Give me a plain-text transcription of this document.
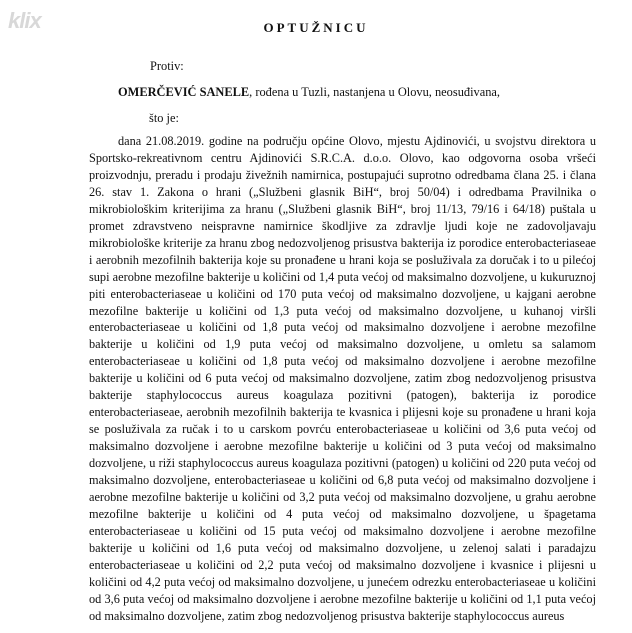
klix	OPTUŽNICU
Protiv:
OMERČEVIĆ SANELE, rođena u Tuzli, nastanjena u Olovu, neosuđivana,
što je:

dana 21.08.2019. godine na području općine Olovo, mjestu Ajdinovići, u svojstvu direktora u Sportsko-rekreativnom centru Ajdinovići S.R.C.A. d.o.o. Olovo, kao odgovorna osoba vršeći proizvodnju, preradu i prodaju živežnih namirnica, postupajući suprotno odredbama člana 25. i člana 26. stav 1. Zakona o hrani („Službeni glasnik BiH“, broj 50/04) i odredbama Pravilnika o mikrobiološkim kriterijima za hranu („Službeni glasnik BiH“, broj 11/13, 79/16 i 64/18) puštala u promet zdravstveno neispravne namirnice škodljive za zdravlje ljudi koje ne zadovoljavaju mikrobiološke kriterije za hranu zbog nedozvoljenog prisustva bakterija iz porodice enterobacteriaseae i aerobnih mezofilnih bakterija koje su pronađene u hrani koja se posluživala za doručak i to u pilećoj supi aerobne mezofilne bakterije u količini od 1,4 puta većoj od maksimalno dozvoljene, u kukuruznoj piti enterobacteriaseae u količini od 170 puta većoj od maksimalno dozvoljene, u kajgani aerobne mezofilne bakterije u količini od 1,3 puta većoj od maksimalno dozvoljene, u kuhanoj viršli enterobacteriaseae u količini od 1,8 puta većoj od maksimalno dozvoljene i aerobne mezofilne bakterije u količini od 1,9 puta većoj od maksimalno dozvoljene, u omletu sa salamom enterobacteriaseae u količini od 1,8 puta većoj od maksimalno dozvoljene i aerobne mezofilne bakterije u količini od 6 puta većoj od maksimalno dozvoljene, zatim zbog nedozvoljenog prisustva bakterije staphylococcus aureus koagulaza pozitivni (patogen), bakterija iz porodice enterobacteriaseae, aerobnih mezofilnih bakterija te kvasnica i plijesni koje su pronađene u hrani koja se posluživala za ručak i to u carskom povrću enterobacteriaseae u količini od 3,6 puta većoj od maksimalno dozvoljene i aerobne mezofilne bakterije u količini od 3 puta većoj od maksimalno dozvoljene, u riži staphylococcus aureus koagulaza pozitivni (patogen) u količini od 220 puta većoj od maksimalno dozvoljene, enterobacteriaseae u količini od 6,8 puta većoj od maksimalno dozvoljene i aerobne mezofilne bakterije u količini od 3,2 puta većoj od maksimalno dozvoljene, u grahu aerobne mezofilne bakterije u količini od 4 puta većoj od maksimalno dozvoljene, u špagetama enterobacteriaseae u količini od 15 puta većoj od maksimalno dozvoljene i aerobne mezofilne bakterije u količini od 1,6 puta većoj od maksimalno dozvoljene, u zelenoj salati i paradajzu enterobacteriaseae u količini od 2,2 puta većoj od maksimalno dozvoljene i kvasnice i plijesni u količini od 4,2 puta većoj od maksimalno dozvoljene, u junećem odrezku enterobacteriaseae u količini od 3,6 puta većoj od maksimalno dozvoljene i aerobne mezofilne bakterije u količini od 1,1 puta većoj od maksimalno dozvoljene, zatim zbog nedozvoljenog prisustva bakterije staphylococcus aureus
